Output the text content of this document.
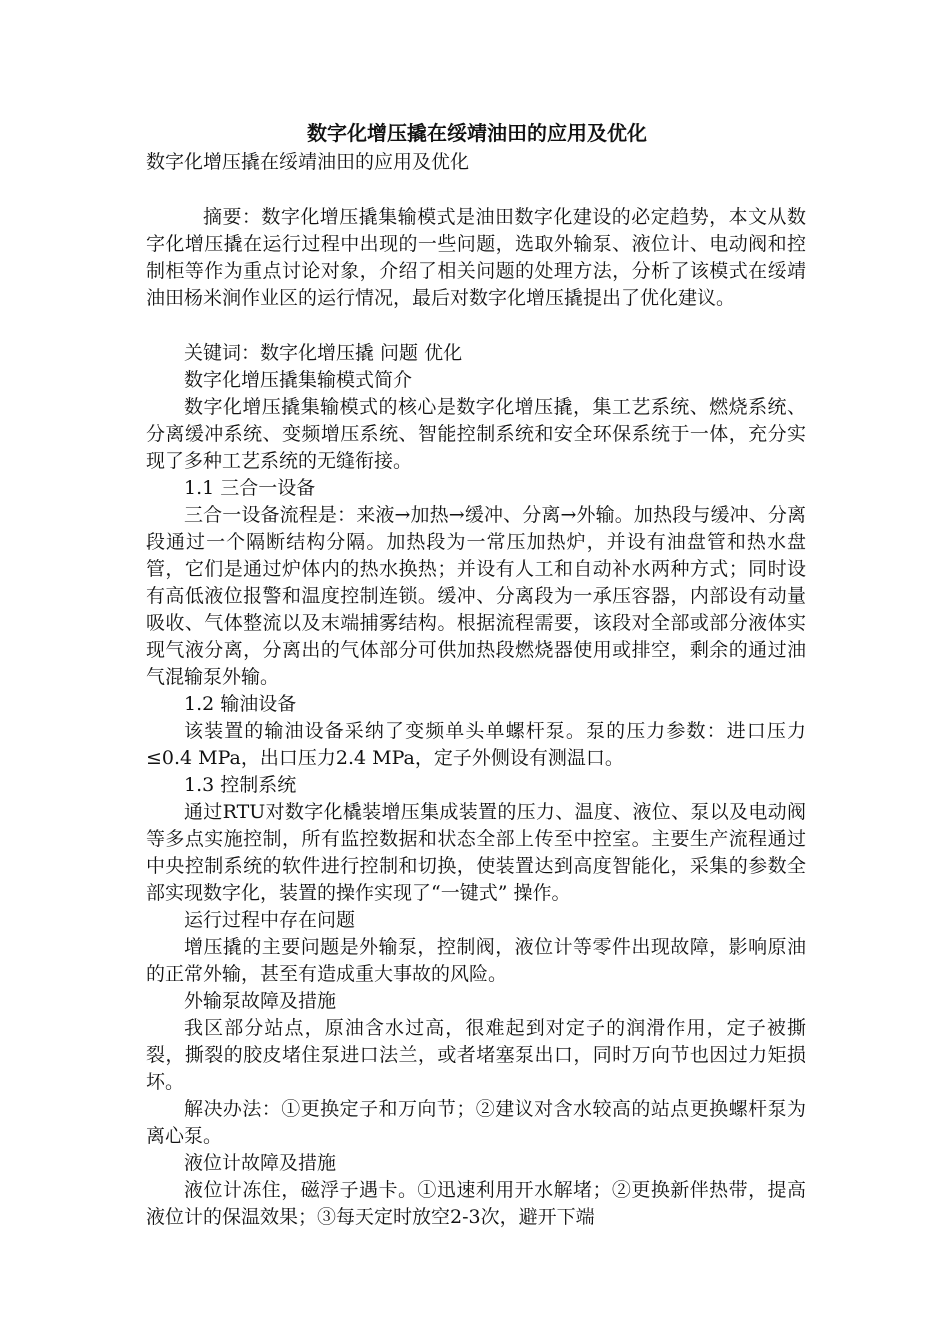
数字化增压撬在绥靖油田的应用及优化
数字化增压撬在绥靖油田的应用及优化

摘要：数字化增压撬集输模式是油田数字化建设的必定趋势，本文从数字化增压撬在运行过程中出现的一些问题，选取外输泵、液位计、电动阀和控制柜等作为重点讨论对象，介绍了相关问题的处理方法，分析了该模式在绥靖油田杨米涧作业区的运行情况，最后对数字化增压撬提出了优化建议。

关键词：数字化增压撬 问题 优化

数字化增压撬集输模式简介

数字化增压撬集输模式的核心是数字化增压撬，集工艺系统、燃烧系统、分离缓冲系统、变频增压系统、智能控制系统和安全环保系统于一体，充分实现了多种工艺系统的无缝衔接。

1.1 三合一设备

三合一设备流程是：来液→加热→缓冲、分离→外输。加热段与缓冲、分离段通过一个隔断结构分隔。加热段为一常压加热炉，并设有油盘管和热水盘管，它们是通过炉体内的热水换热；并设有人工和自动补水两种方式；同时设有高低液位报警和温度控制连锁。缓冲、分离段为一承压容器，内部设有动量吸收、气体整流以及末端捕雾结构。根据流程需要，该段对全部或部分液体实现气液分离，分离出的气体部分可供加热段燃烧器使用或排空，剩余的通过油气混输泵外输。

1.2 输油设备

该装置的输油设备采纳了变频单头单螺杆泵。泵的压力参数：进口压力≤0.4 MPa，出口压力2.4 MPa，定子外侧设有测温口。

1.3 控制系统

通过RTU对数字化橇装增压集成装置的压力、温度、液位、泵以及电动阀等多点实施控制，所有监控数据和状态全部上传至中控室。主要生产流程通过中央控制系统的软件进行控制和切换，使装置达到高度智能化，采集的参数全部实现数字化，装置的操作实现了“一键式” 操作。

运行过程中存在问题

增压撬的主要问题是外输泵，控制阀，液位计等零件出现故障，影响原油的正常外输，甚至有造成重大事故的风险。

外输泵故障及措施

我区部分站点，原油含水过高，很难起到对定子的润滑作用，定子被撕裂，撕裂的胶皮堵住泵进口法兰，或者堵塞泵出口，同时万向节也因过力矩损坏。

解决办法：①更换定子和万向节；②建议对含水较高的站点更换螺杆泵为离心泵。

液位计故障及措施

液位计冻住，磁浮子遇卡。①迅速利用开水解堵；②更换新伴热带，提高液位计的保温效果；③每天定时放空2-3次，避开下端
